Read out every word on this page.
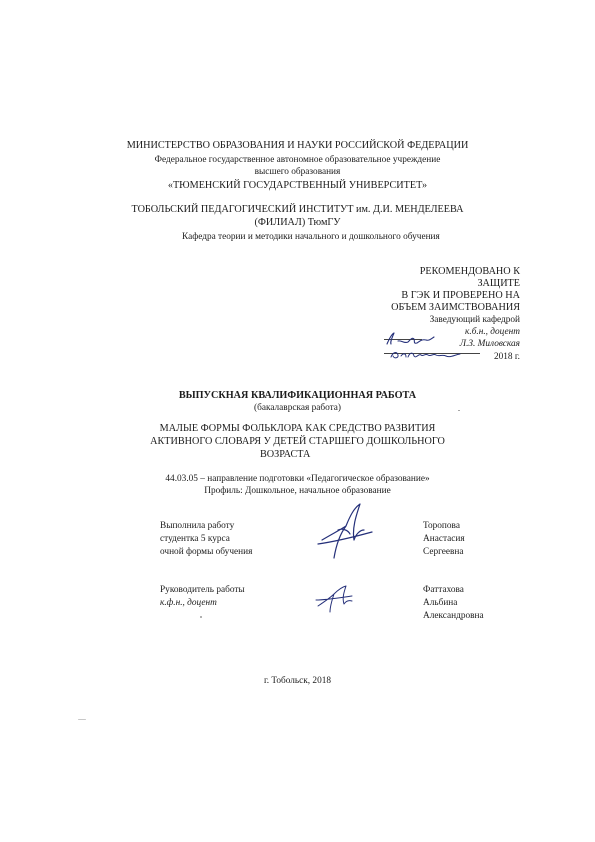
МИНИСТЕРСТВО ОБРАЗОВАНИЯ И НАУКИ РОССИЙСКОЙ ФЕДЕРАЦИИ
Федеральное государственное автономное образовательное учреждение
высшего образования
«ТЮМЕНСКИЙ ГОСУДАРСТВЕННЫЙ УНИВЕРСИТЕТ»
ТОБОЛЬСКИЙ ПЕДАГОГИЧЕСКИЙ ИНСТИТУТ им. Д.И. МЕНДЕЛЕЕВА
(ФИЛИАЛ) ТюмГУ
Кафедра теории и методики начального и дошкольного обучения
РЕКОМЕНДОВАНО К
ЗАЩИТЕ
В ГЭК И ПРОВЕРЕНО НА
ОБЪЕМ ЗАИМСТВОВАНИЯ
Заведующий кафедрой
к.б.н., доцент
Л.З. Миловская
2018 г.
ВЫПУСКНАЯ КВАЛИФИКАЦИОННАЯ РАБОТА
(бакалаврская работа)
МАЛЫЕ ФОРМЫ ФОЛЬКЛОРА КАК СРЕДСТВО РАЗВИТИЯ
АКТИВНОГО СЛОВАРЯ У ДЕТЕЙ СТАРШЕГО ДОШКОЛЬНОГО
ВОЗРАСТА
44.03.05 – направление подготовки «Педагогическое образование»
Профиль: Дошкольное, начальное образование
Выполнила работу
студентка 5 курса
очной формы обучения
Торопова
Анастасия
Сергеевна
Руководитель работы
к.ф.н., доцент
Фаттахова
Альбина
Александровна
г. Тобольск, 2018
